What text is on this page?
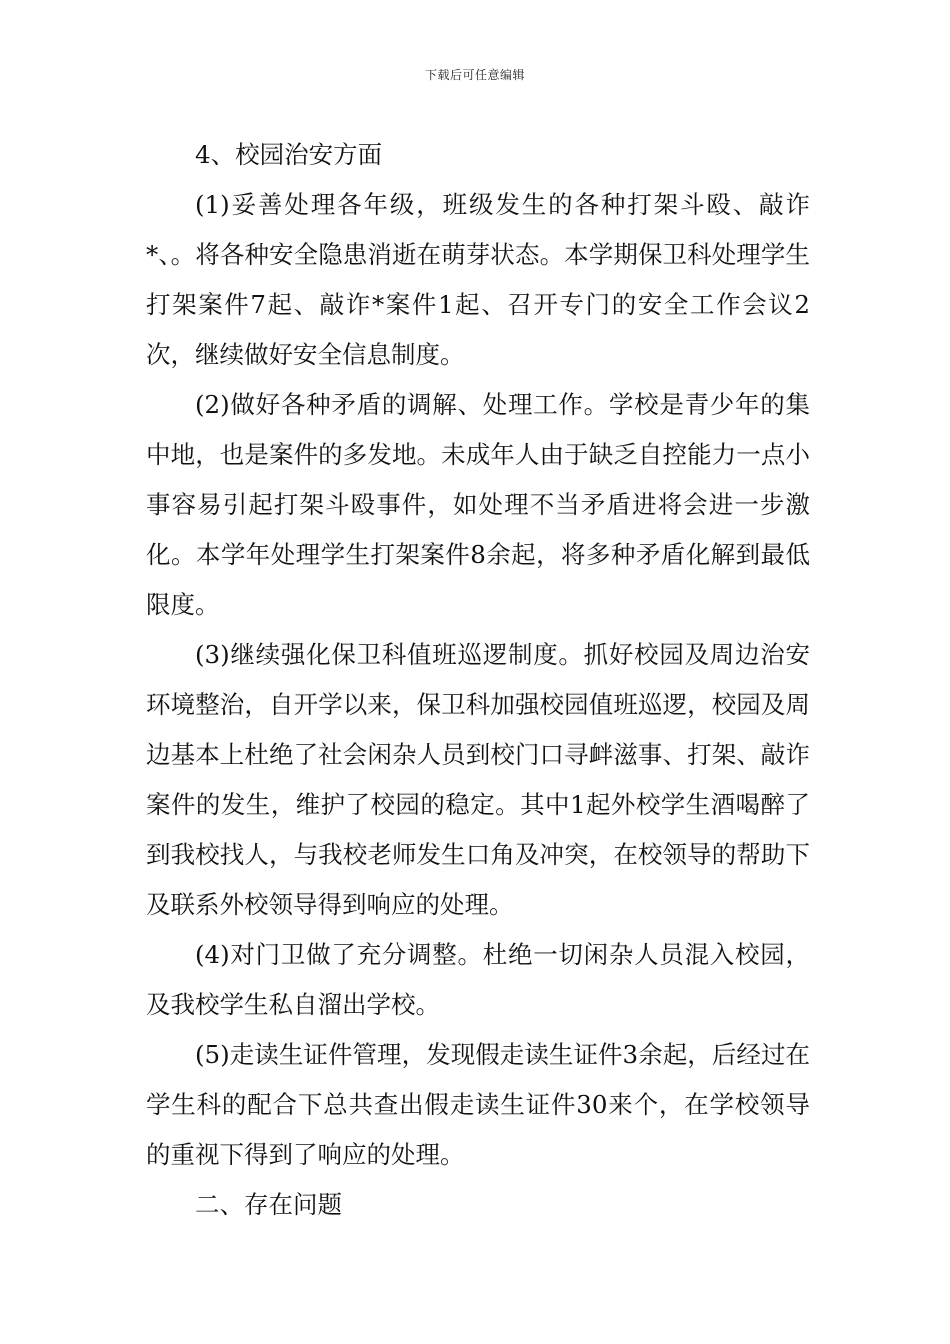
下载后可任意编辑

4、校园治安方面

(1)妥善处理各年级，班级发生的各种打架斗殴、敲诈*、。将各种安全隐患消逝在萌芽状态。本学期保卫科处理学生打架案件7起、敲诈*案件1起、召开专门的安全工作会议2次，继续做好安全信息制度。

(2)做好各种矛盾的调解、处理工作。学校是青少年的集中地，也是案件的多发地。未成年人由于缺乏自控能力一点小事容易引起打架斗殴事件，如处理不当矛盾进将会进一步激化。本学年处理学生打架案件8余起，将多种矛盾化解到最低限度。

(3)继续强化保卫科值班巡逻制度。抓好校园及周边治安环境整治，自开学以来，保卫科加强校园值班巡逻，校园及周边基本上杜绝了社会闲杂人员到校门口寻衅滋事、打架、敲诈案件的发生，维护了校园的稳定。其中1起外校学生酒喝醉了到我校找人，与我校老师发生口角及冲突，在校领导的帮助下及联系外校领导得到响应的处理。

(4)对门卫做了充分调整。杜绝一切闲杂人员混入校园，及我校学生私自溜出学校。

(5)走读生证件管理，发现假走读生证件3余起，后经过在学生科的配合下总共查出假走读生证件30来个，在学校领导的重视下得到了响应的处理。

二、存在问题
